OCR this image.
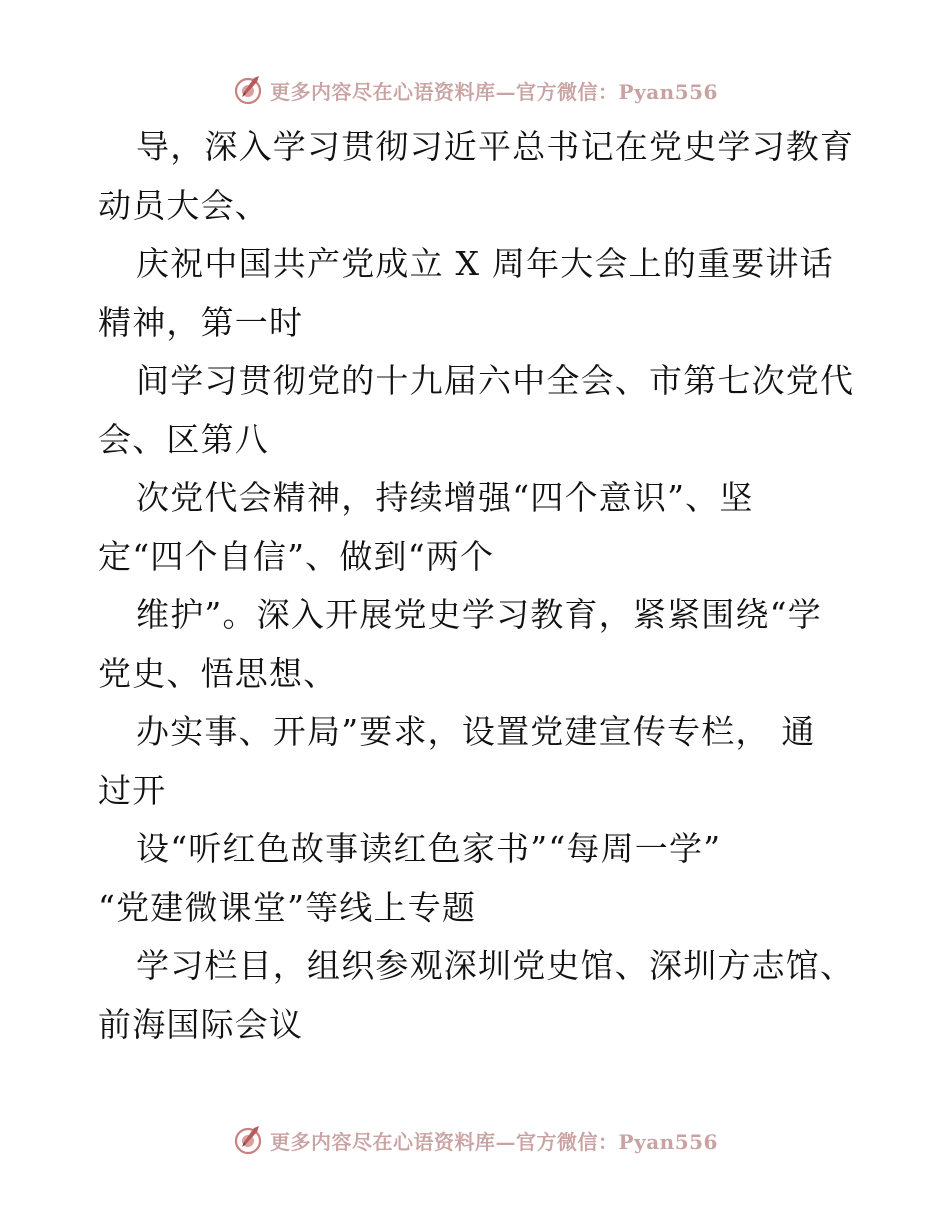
更多内容尽在心语资料库—官方微信：Pyan556
导，深入学习贯彻习近平总书记在党史学习教育
动员大会、
庆祝中国共产党成立 X 周年大会上的重要讲话
精神，第一时
间学习贯彻党的十九届六中全会、市第七次党代
会、区第八
次党代会精神，持续增强“四个意识”、坚
定“四个自信”、做到“两个
维护”。深入开展党史学习教育，紧紧围绕“学
党史、悟思想、
办实事、开局”要求，设置党建宣传专栏， 通
过开
设“听红色故事读红色家书”“每周一学”
“党建微课堂”等线上专题
学习栏目，组织参观深圳党史馆、深圳方志馆、
前海国际会议
更多内容尽在心语资料库—官方微信：Pyan556
